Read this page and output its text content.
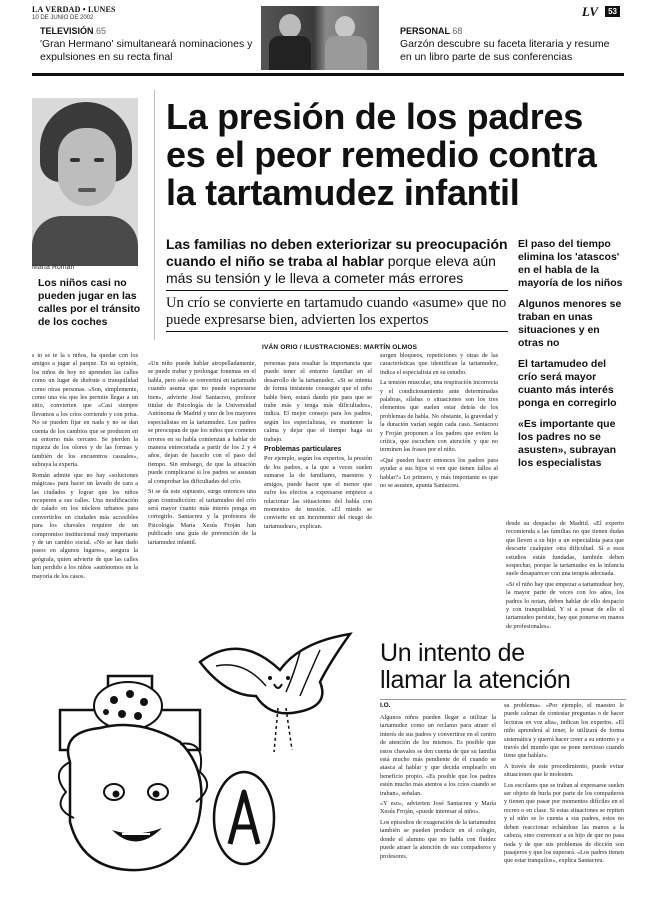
LA VERDAD • LUNES
10 DE JUNIO DE 2002	LV	53
TELEVISIÓN 65
'Gran Hermano' simultaneará nominaciones y expulsiones en su recta final
PERSONAL 68
Garzón descubre su faceta literaria y resume en un libro parte de sus conferencias
María Román
Los niños casi no pueden jugar en las calles por el tránsito de los coches
La presión de los padres es el peor remedio contra la tartamudez infantil
Las familias no deben exteriorizar su preocupación cuando el niño se traba al hablar porque eleva aún más su tensión y le lleva a cometer más errores
Un crío se convierte en tartamudo cuando «asume» que no puede expresarse bien, advierten los expertos

El paso del tiempo elimina los 'atascos' en el habla de la mayoría de los niños

Algunos menores se traban en unas situaciones y en otras no

El tartamudeo del crío será mayor cuanto más interés ponga en corregirlo

«Es importante que los padres no se asusten», subrayan los especialistas

IVÁN ORIO / ILUSTRACIONES: MARTÍN OLMOS

s in se te la s niños, ha quedar con los amigos a jugar al parque. En su opinión, los niños de hoy no aprenden las calles como un lugar de disfrute o tranquilidad como otras personas. «Son, simplemente, como una vía que les permite llegar a un sitio, convierten que «Casi siempre llevamos a los críos corriendo y con prisa. No se pueden fijar en nada y no se dan cuenta de los cambios que se producen en su entorno más cercano. Se pierden la riqueza de los olores y de las formas y también de los encuentros casuales», subraya la experta.

Román admite que no hay «soluciones mágicas» para hacer un lavado de cara a las ciudades y lograr que los niños recuperen a sus calles. Una modificación de calado en los núcleos urbanos para convertirlos en ciudades más accesibles para los chavales requiere de un compromiso institucional muy importante y de un cambio social. «No se han dado pasos en algunos lugares», asegura la geógrafa, quien advierte de que las calles han perdido a los niños «autónomos en la mayoría de los casos.

«Un niño puede hablar atropelladamente, se puede trabar y prolongar fonemas en el habla, pero sólo se convertirá en tartamudo cuando asuma que no puede expresarse bien», advierte José Santacreu, profesor titular de Psicología de la Universidad Autónoma de Madrid y uno de los mayores especialistas en la tartamudez. Los padres se preocupan de que los niños que cometen errores en su habla comienzan a hablar de manera entrecortada a partir de los 2 y 4 años, dejan de hacerlo con el paso del tiempo. Sin embargo, de que la situación puede complicarse si los padres se asustan al comprobar las dificultades del crío.

Si se da este supuesto, surge entonces una gran contradicción: el tartamudeo del crío será mayor cuanto más interés ponga en corregirlo. Santacreu y la profesora de Psicología María Xesús Froján han publicado una guía de prevención de la tartamudez infantil.

personas para resaltar la importancia que puede tener el entorno familiar en el desarrollo de la tartamudez. «Si se intenta de forma insistente conseguir que el niño hable bien, estará dando pie para que se trabe más y tenga más dificultades», indica. El mejor consejo para los padres, según los especialistas, es mantener la calma y dejar que el tiempo haga su trabajo.

Problemas particulares

Por ejemplo, según los expertos, la presión de los padres, a la que a veces suelen sumarse la de familiares, maestros y amigos, puede hacer que el menor que sufre los efectos a expresarse empiece a relacionar las situaciones del habla con momentos de tensión. «El miedo se convierte en un incremento del riesgo de tartamudear», explican.

surgen bloqueos, repeticiones y otras de las características que identifican la tartamudez, indica el especialista en su estudio.

La tensión muscular, una respiración incorrecta y el condicionamiento ante determinadas palabras, sílabas o situaciones son los tres elementos que suelen estar detrás de los problemas de habla. No obstante, la gravedad y la duración varían según cada caso. Santacreu y Froján proponen a los padres que eviten la crítica, que escuchen con atención y que no terminen las frases por el niño.

«Qué pueden hacer entonces los padres para ayudar a sus hijos si ven que tienen fallos al hablar?» Lo primero, y más importante es que no se asusten, apunta Santacreu.

desde su despacho de Madrid. «El experto recomienda a las familias no que tienen dudas que lleven a su hijo a un especialista para que descarte cualquier otra dificultad. Sí a esos estudios están fundadas, también deben sospechar, porque la tartamudez en la infancia suele desaparecer con una terapia adecuada.

«Si el niño hay que empezar a tartamudear hoy, la mayor parte de veces con los años, los padres lo notan, deben hablar de ello despacio y con tranquilidad. Y si a pesar de ello el tartamudeo persiste, hay que ponerse en manos de profesionales».

Un intento de llamar la atención
I.O.

Algunos niños pueden llegar a utilizar la tartamudez como un reclamo para atraer el interés de sus padres y convertirse en el centro de atención de los mismos. Es posible que estos chavales se den cuenta de que su familia está mucho más pendiente de él cuando se atasca al hablar y que decida emplearlo en beneficio propio. «Es posible que los padres estén mucho más atentos a los críos cuando se traban», señalan.

«Y eso», advierten José Santacreu y María Xesús Froján, «puede interesar al niño».

Los episodios de exageración de la tartamudez también se pueden producir en el colegio, donde el alumno que no habla con fluidez puede atraer la atención de sus compañeros y profesores.

su problema». «Por ejemplo, el maestro le puede calmar de contestar preguntas o de hacer lecturas en voz alta», indican los expertos. «El niño aprenderá al tener, le utilizará de forma sistemática y querrá hacer creer a su entorno y a través del mundo que se pone nervioso cuando tiene que hablar».

A través de este procedimiento, puede evitar situaciones que le molesten.

Los escolares que se traban al expresarse suelen ser objeto de burla por parte de los compañeros y tienen que pasar por momentos difíciles en el recreo o en clase. Si estas situaciones se repiten y el niño se lo cuenta a sus padres, estos no deben reaccionar echándose las manos a la cabeza, sino convencer a su hijo de que no pasa nada y de que sus problemas de dicción son pasajeros y que los superará. «Los padres tienen que estar tranquilos», explica Santacreu.
